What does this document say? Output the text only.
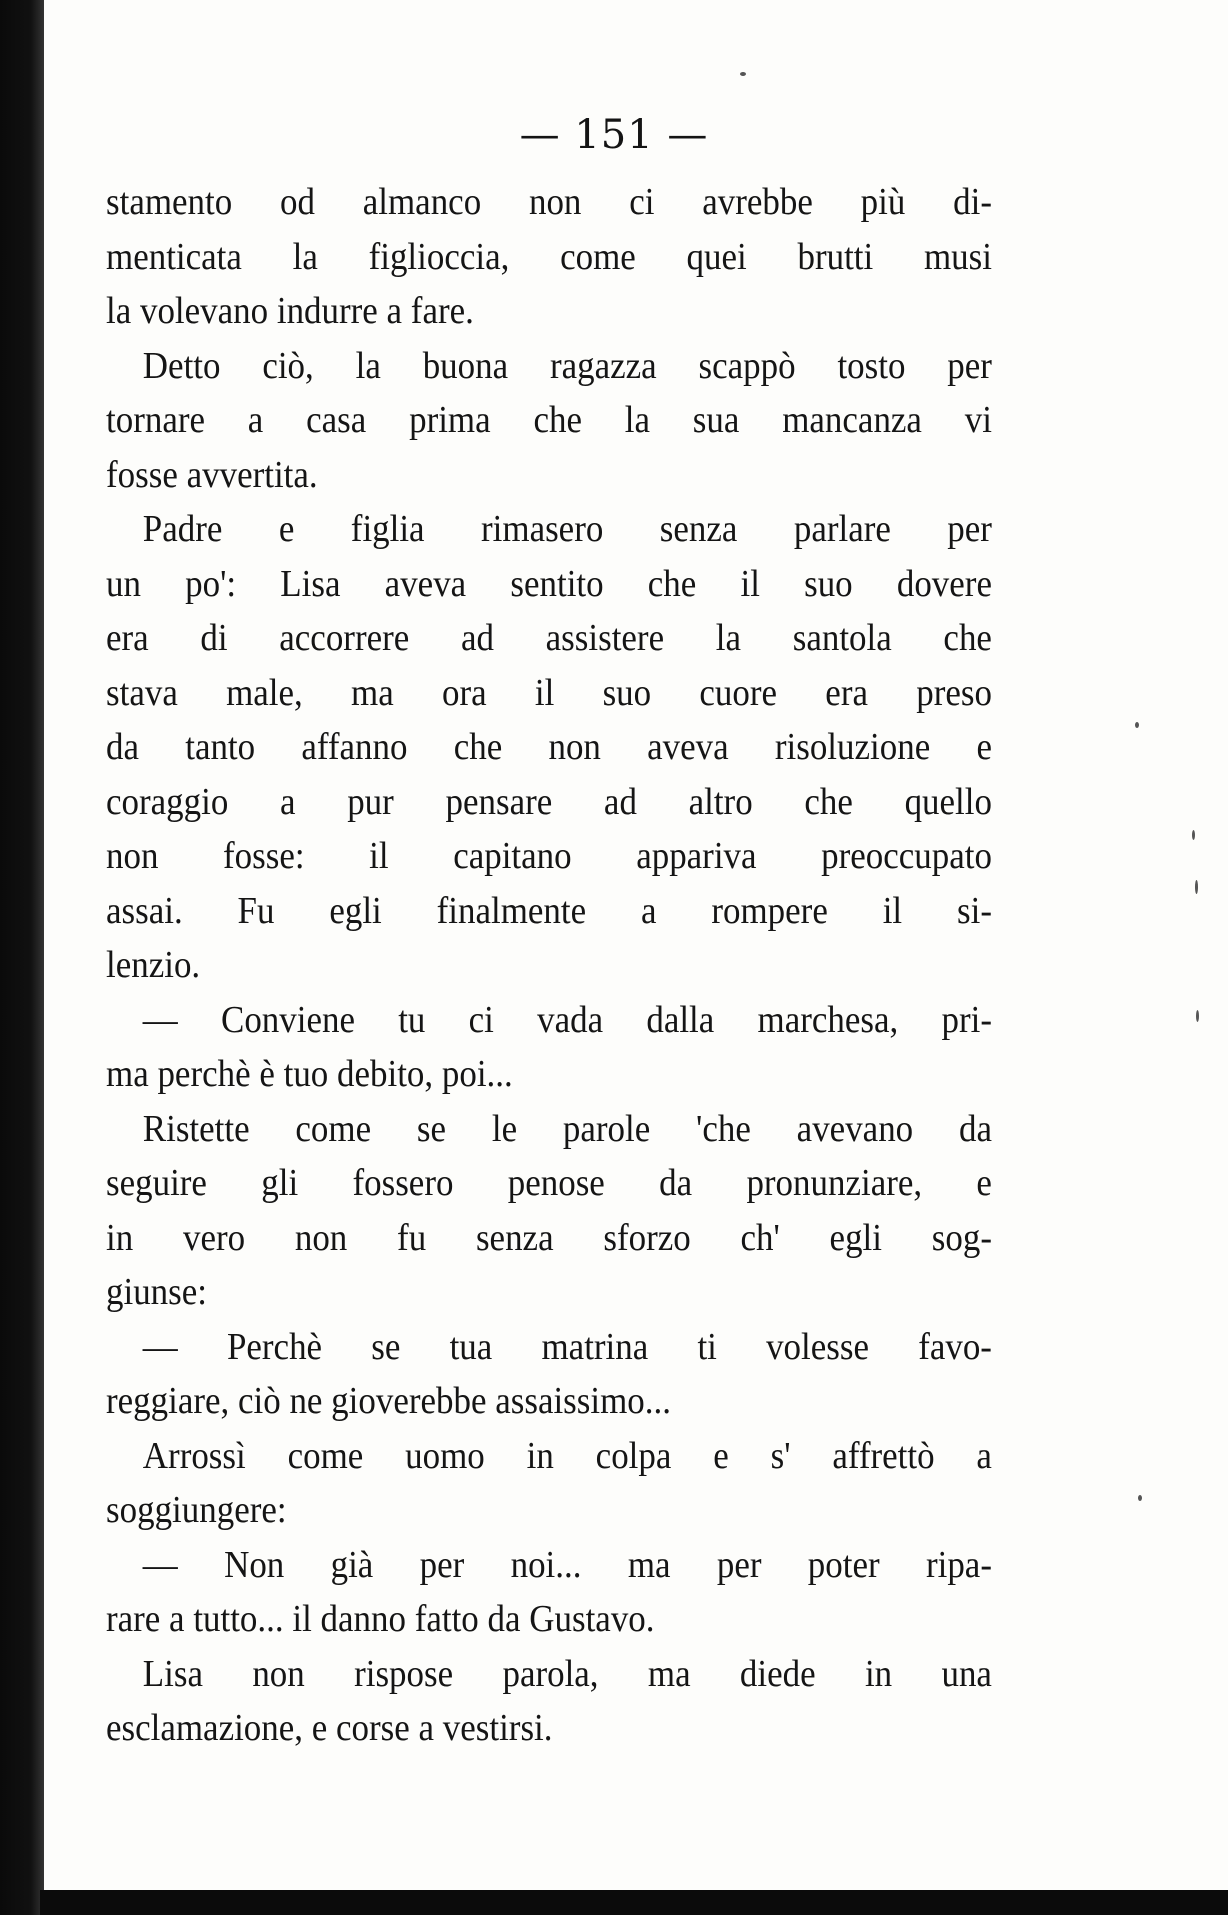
— 151 —
stamento od almanco non ci avrebbe più di-
menticata la figlioccia, come quei brutti musi
la volevano indurre a fare.
Detto ciò, la buona ragazza scappò tosto per
tornare a casa prima che la sua mancanza vi
fosse avvertita.
Padre e figlia rimasero senza parlare per
un po': Lisa aveva sentito che il suo dovere
era di accorrere ad assistere la santola che
stava male, ma ora il suo cuore era preso
da tanto affanno che non aveva risoluzione e
coraggio a pur pensare ad altro che quello
non fosse: il capitano appariva preoccupato
assai. Fu egli finalmente a rompere il si-
lenzio.
— Conviene tu ci vada dalla marchesa, pri-
ma perchè è tuo debito, poi...
Ristette come se le parole 'che avevano da
seguire gli fossero penose da pronunziare, e
in vero non fu senza sforzo ch' egli sog-
giunse:
— Perchè se tua matrina ti volesse favo-
reggiare, ciò ne gioverebbe assaissimo...
Arrossì come uomo in colpa e s' affrettò a
soggiungere:
— Non già per noi... ma per poter ripa-
rare a tutto... il danno fatto da Gustavo.
Lisa non rispose parola, ma diede in una
esclamazione, e corse a vestirsi.
